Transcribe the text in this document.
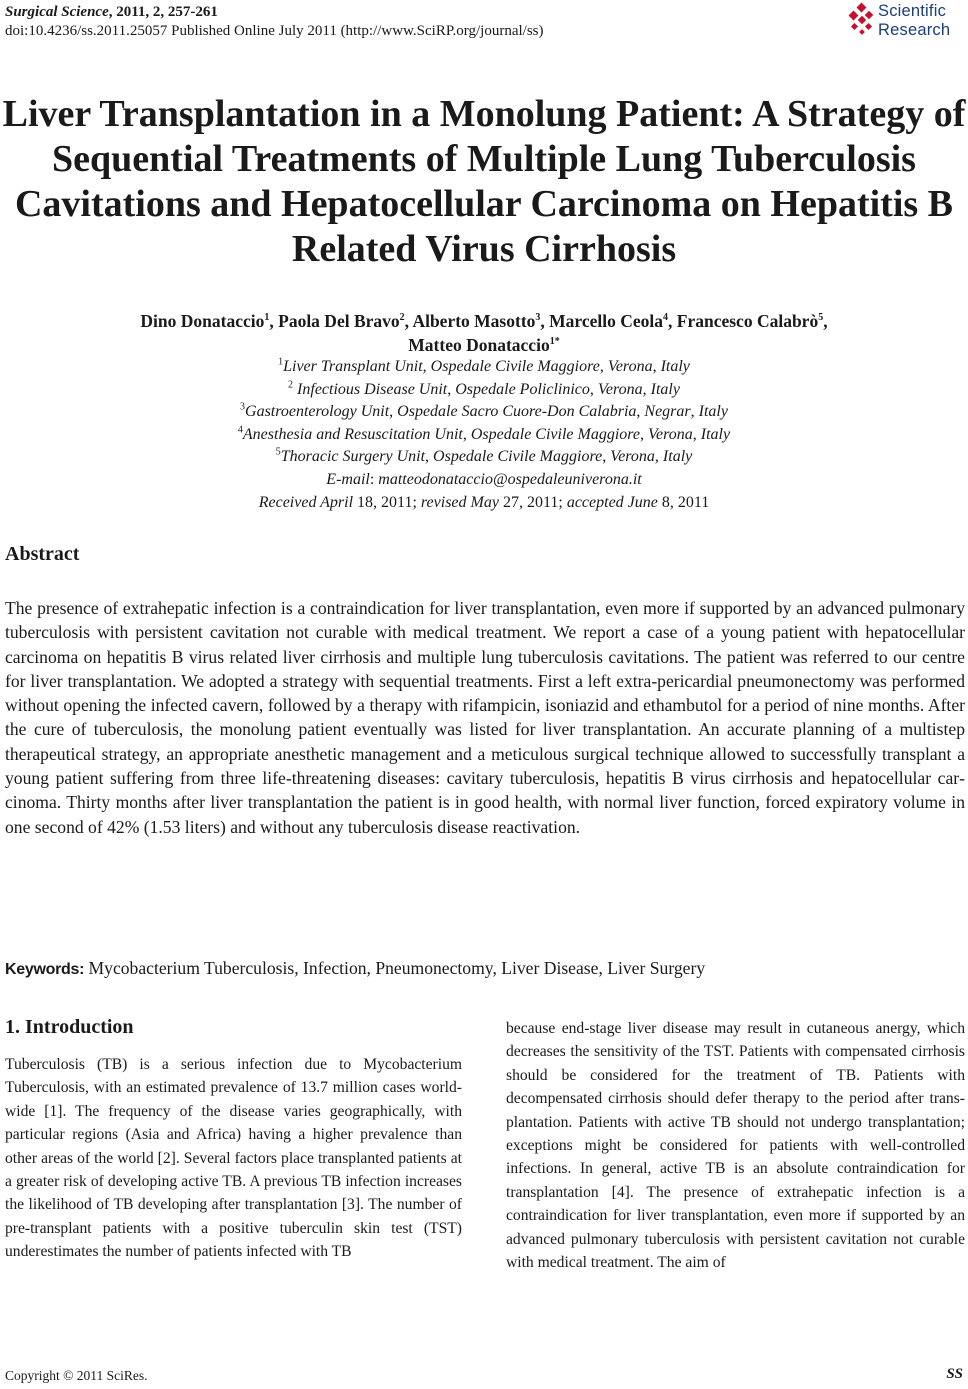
Surgical Science, 2011, 2, 257-261
doi:10.4236/ss.2011.25057 Published Online July 2011 (http://www.SciRP.org/journal/ss)
Scientific
Research
Liver Transplantation in a Monolung Patient: A Strategy of Sequential Treatments of Multiple Lung Tuberculosis Cavitations and Hepatocellular Carcinoma on Hepatitis B Related Virus Cirrhosis
Dino Donataccio$^1$, Paola Del Bravo$^2$, Alberto Masotto$^3$, Marcello Ceola$^4$, Francesco Calabrò$^5$,
Matteo Donataccio$^{1*}$
$^1$Liver Transplant Unit, Ospedale Civile Maggiore, Verona, Italy
$^2$ Infectious Disease Unit, Ospedale Policlinico, Verona, Italy
$^3$Gastroenterology Unit, Ospedale Sacro Cuore-Don Calabria, Negrar, Italy
$^4$Anesthesia and Resuscitation Unit, Ospedale Civile Maggiore, Verona, Italy
$^5$Thoracic Surgery Unit, Ospedale Civile Maggiore, Verona, Italy
E-mail: matteodonataccio@ospedaleuniverona.it
Received April 18, 2011; revised May 27, 2011; accepted June 8, 2011
Abstract

The presence of extrahepatic infection is a contraindication for liver transplantation, even more if supported by an advanced pulmonary tuberculosis with persistent cavitation not curable with medical treatment. We report a case of a young patient with hepatocellular carcinoma on hepatitis B virus related liver cirrhosis and multiple lung tuberculosis cavitations. The patient was referred to our centre for liver transplantation. We adopted a strategy with sequential treatments. First a left extra-pericardial pneumonectomy was performed without opening the infected cavern, followed by a therapy with rifampicin, isoniazid and ethambutol for a period of nine months. After the cure of tuberculosis, the monolung patient eventually was listed for liver transplantation. An accurate planning of a multistep therapeutical strategy, an appropriate anesthetic management and a meticulous surgical technique allowed to successfully transplant a young patient suffering from three life-threatening diseases: cavitary tuberculosis, hepatitis B virus cirrhosis and hepatocellular carcinoma. Thirty months after liver transplantation the patient is in good health, with normal liver function, forced expiratory volume in one second of 42% (1.53 liters) and without any tuberculosis disease reactivation.

Keywords: Mycobacterium Tuberculosis, Infection, Pneumonectomy, Liver Disease, Liver Surgery
1. Introduction

Tuberculosis (TB) is a serious infection due to Mycobacterium Tuberculosis, with an estimated prevalence of 13.7 million cases world-wide [1]. The frequency of the disease varies geographically, with particular regions (Asia and Africa) having a higher prevalence than other areas of the world [2]. Several factors place transplanted patients at a greater risk of developing active TB. A previous TB infection increases the likelihood of TB developing after transplantation [3]. The number of pre-transplant patients with a positive tuberculin skin test (TST) underestimates the number of patients infected with TB

because end-stage liver disease may result in cutaneous anergy, which decreases the sensitivity of the TST. Patients with compensated cirrhosis should be considered for the treatment of TB. Patients with decompensated cirrhosis should defer therapy to the period after transplantation. Patients with active TB should not undergo transplantation; exceptions might be considered for patients with well-controlled infections. In general, active TB is an absolute contraindication for transplantation [4]. The presence of extrahepatic infection is a contraindication for liver transplantation, even more if supported by an advanced pulmonary tuberculosis with persistent cavitation not curable with medical treatment. The aim of

Copyright © 2011 SciRes.	SS
